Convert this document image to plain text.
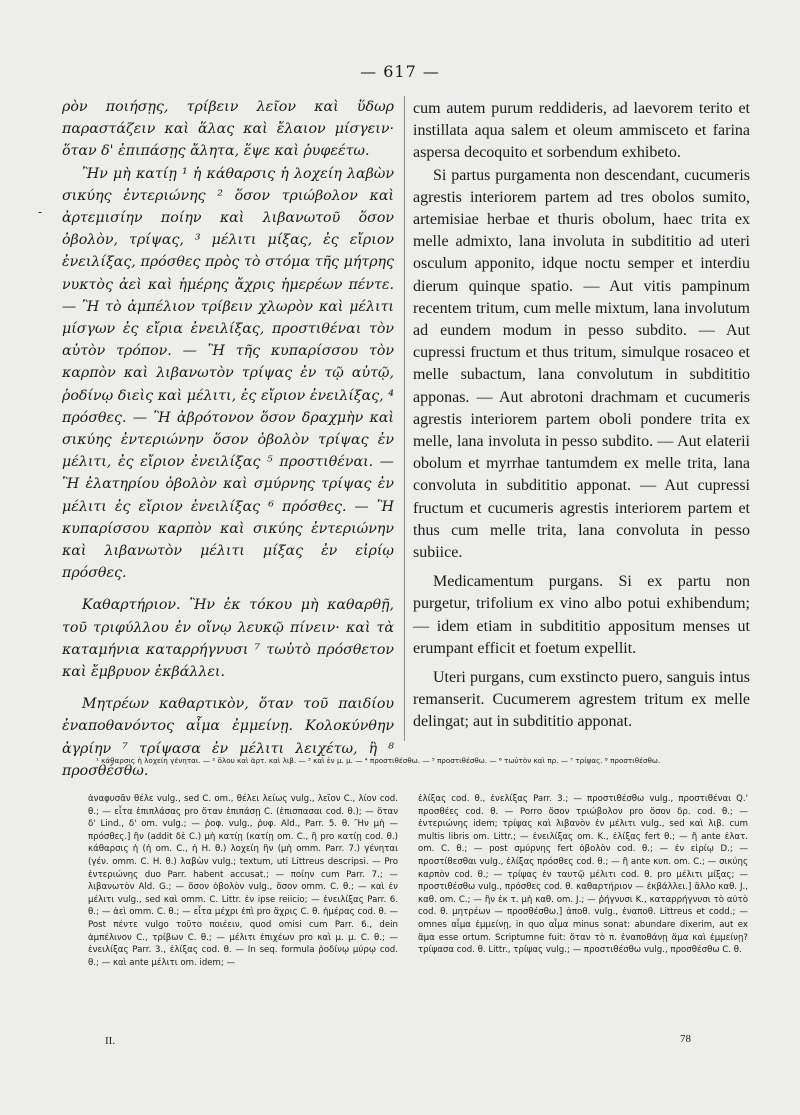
— 617 —
-

ρὸν ποιήσῃς, τρίβειν λεῖον καὶ ὕδωρ παραστάζειν καὶ ἅλας καὶ ἔλαιον μίσγειν· ὅταν δ' ἐπιπάσῃς ἄλητα, ἕψε καὶ ῥυφεέτω.

Ἢν μὴ κατίῃ ¹ ἡ κάθαρσις ἡ λοχείη λαβὼν σικύης ἐντεριώνης ² ὅσον τριώβολον καὶ ἀρτεμισίην ποίην καὶ λιβανωτοῦ ὅσον ὀβολὸν, τρίψας, ³ μέλιτι μίξας, ἐς εἴριον ἐνειλίξας, πρόσθες πρὸς τὸ στόμα τῆς μήτρης νυκτὸς ἀεὶ καὶ ἡμέρης ἄχρις ἡμερέων πέντε. — Ἢ τὸ ἀμπέλιον τρίβειν χλωρὸν καὶ μέλιτι μίσγων ἐς εἴρια ἐνειλίξας, προστιθέναι τὸν αὐτὸν τρόπον. — Ἢ τῆς κυπαρίσσου τὸν καρπὸν καὶ λιβανωτὸν τρίψας ἐν τῷ αὐτῷ, ῥοδίνῳ διεὶς καὶ μέλιτι, ἐς εἴριον ἐνειλίξας, ⁴ πρόσθες. — Ἢ ἀβρότονον ὅσον δραχμὴν καὶ σικύης ἐντεριώνην ὅσον ὀβολὸν τρίψας ἐν μέλιτι, ἐς εἴριον ἐνειλίξας ⁵ προστιθέναι. — Ἢ ἐλατηρίου ὀβολὸν καὶ σμύρνης τρίψας ἐν μέλιτι ἐς εἴριον ἐνειλίξας ⁶ πρόσθες. — Ἢ κυπαρίσσου καρπὸν καὶ σικύης ἐντεριώνην καὶ λιβανωτὸν μέλιτι μίξας ἐν εἰρίῳ πρόσθες.

Καθαρτήριον. Ἢν ἐκ τόκου μὴ καθαρθῇ, τοῦ τριφύλλου ἐν οἴνῳ λευκῷ πίνειν· καὶ τὰ καταμήνια καταρρήγνυσι ⁷ τωὐτὸ πρόσθετον καὶ ἔμβρυον ἐκβάλλει.

Μητρέων καθαρτικὸν, ὅταν τοῦ παιδίου ἐναποθανόντος αἷμα ἐμμείνῃ. Κολοκύνθην ἀγρίην ⁷ τρίψασα ἐν μέλιτι λειχέτω, ἢ ⁸ προσθέσθω.

cum autem purum reddideris, ad laevorem terito et instillata aqua salem et oleum ammisceto et farina aspersa decoquito et sorbendum exhibeto.

Si partus purgamenta non descendant, cucumeris agrestis interiorem partem ad tres obolos sumito, artemisiae herbae et thuris obolum, haec trita ex melle admixto, lana involuta in subdititio ad uteri osculum apponito, idque noctu semper et interdiu dierum quinque spatio. — Aut vitis pampinum recentem tritum, cum melle mixtum, lana involutum ad eundem modum in pesso subdito. — Aut cupressi fructum et thus tritum, simulque rosaceo et melle subactum, lana convolutum in subdititio apponas. — Aut abrotoni drachmam et cucumeris agrestis interiorem partem oboli pondere trita ex melle, lana involuta in pesso subdito. — Aut elaterii obolum et myrrhae tantumdem ex melle trita, lana convoluta in subdititio apponat. — Aut cupressi fructum et cucumeris agrestis interiorem partem et thus cum melle trita, lana convoluta in pesso subiice.

Medicamentum purgans. Si ex partu non purgetur, trifolium ex vino albo potui exhibendum; — idem etiam in subdititio appositum menses ut erumpant efficit et foetum expellit.

Uteri purgans, cum exstincto puero, sanguis intus remanserit. Cucumerem agrestem tritum ex melle delingat; aut in subdititio apponat.

¹ κάθαρσις ἡ λοχείη γένηται. — ² ὅλου καὶ ἀρτ. καὶ λιβ. — ³ καὶ ἐν μ. μ. — ⁴ προστιθέσθω. — ⁵ προστιθέσθω. — ⁶ τωὐτὸν καὶ πρ. — ⁷ τρίψας. ⁸ προστιθέσθω.

ἀναφυσᾶν θέλε vulg., sed C. om., θέλει λείως vulg., λεῖον C., λίον cod. θ.; — εἶτα ἐπιπλάσας pro ὅταν ἐπιπάσῃ C. (ἐπισπασαι cod. θ.); — ὅταν δ' Lind., δ' om. vulg.; — ῥοφ. vulg., ῥυφ. Ald., Parr. 5. θ. Ἢν μὴ — πρόσθες.] ἢν (addit δὲ C.) μὴ κατίῃ (κατίῃ om. C., ἢ pro κατίῃ cod. θ.) κάθαρσις ἡ (ἡ om. C., ἡ H. θ.) λοχείη ἢν (μὴ omm. Parr. 7.) γένηται (γέν. omm. C. H. θ.) λαβὼν vulg.; textum, uti Littreus descripsi. — Pro ἐντεριώνης duo Parr. habent accusat.; — ποίην cum Parr. 7.; — λιβανωτὸν Ald. G.; — ὅσον ὀβολὸν vulg., ὅσον omm. C. θ.; — καὶ ἐν μέλιτι vulg., sed καὶ omm. C. Littr. ἐν ipse reiicio; — ἐνειλίξας Parr. 6. θ.; — ἀεὶ omm. C. θ.; — εἶτα μέχρι ἐπὶ pro ἄχρις C. θ. ἡμέρας cod. θ. — Post πέντε vulgo τοῦτο ποιέειν, quod omisi cum Parr. 6., dein ἀμπέλινον C., τρίβων C. θ.; — μέλιτι ἐπιχέων pro καὶ μ. μ. C. θ.; — ἐνειλίξας Parr. 3., ἐλίξας cod. θ. — In seq. formula ῥοδίνῳ μύρῳ cod. θ.; — καὶ ante μέλιτι om. idem; —

ἐλίξας cod. θ., ἐνελίξας Parr. 3.; — προστιθέσθω vulg., προστιθέναι Q.' προσθέες cod. θ. — Porro ὅσον τριώβολον pro ὅσον δρ. cod. θ.; — ἐντεριώνης idem; τρίψας καὶ λιβανὸν ἐν μέλιτι vulg., sed καὶ λιβ. cum multis libris om. Littr.; — ἐνειλίξας om. K., ἐλίξας fert θ.; — ἢ ante ἐλατ. om. C. θ.; — post σμύρνης fert ὀβολὸν cod. θ.; — ἐν εἰρίῳ D.; — προστίθεσθαι vulg., ἐλίξας πρόσθες cod. θ.; — ἢ ante κυπ. om. C.; — σικύης καρπὸν cod. θ.; — τρίψας ἐν ταυτῷ μέλιτι cod. θ. pro μέλιτι μίξας; — προστιθέσθω vulg., πρόσθες cod. θ. καθαρτήριον — ἐκβάλλει.] ἄλλο καθ. J., καθ. om. C.; — ἢν ἐκ τ. μὴ καθ. om. J.; — ῥήγνυσι K., καταρρήγνυσι τὸ αὐτὸ cod. θ. μητρέων — προσθέσθω.] ἀποθ. vulg., ἐναποθ. Littreus et codd.; — omnes αἷμα ἐμμείνῃ, in quo αἷμα minus sonat: abundare dixerim, aut ex ἅμα esse ortum. Scriptumne fuit: ὅταν τὸ π. ἐναποθάνῃ ἅμα καὶ ἐμμείνῃ? τρίψασα cod. θ. Littr., τρίψας vulg.; — προστιθέσθω vulg., προσθέσθω C. θ.

II.	78
